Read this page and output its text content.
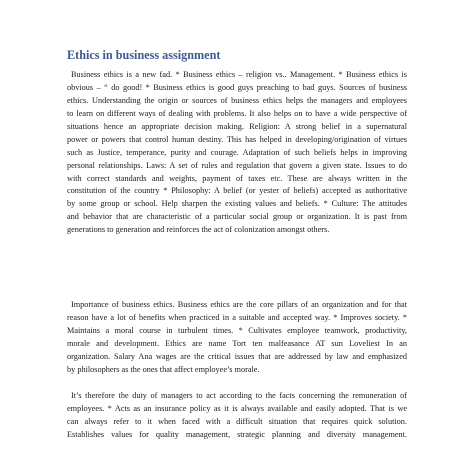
Ethics in business assignment
Business ethics is a new fad. * Business ethics – religion vs.. Management. * Business ethics is
obvious – “ do good! * Business ethics is good guys preaching to bad guys. Sources of business
ethics. Understanding the origin or sources of business ethics helps the managers and employees
to learn on different ways of dealing with problems. It also helps on to have a wide perspective of
situations hence an appropriate decision making. Religion: A strong belief in a supernatural
power or powers that control human destiny. This has helped in developing/origination of virtues
such as Justice, temperance, purity and courage. Adaptation of such beliefs helps in improving
personal relationships. Laws: A set of rules and regulation that govern a given state. Issues to do
with correct standards and weights, payment of taxes etc. These are always written in the
constitution of the country * Philosophy: A belief (or yester of beliefs) accepted as authoritative
by some group or school. Help sharpen the existing values and beliefs. * Culture: The attitudes
and behavior that are characteristic of a particular social group or organization. It is past from
generations to generation and reinforces the act of colonization amongst others.
Importance of business ethics. Business ethics are the core pillars of an organization and for that
reason have a lot of benefits when practiced in a suitable and accepted way. * Improves society. *
Maintains a moral course in turbulent times. * Cultivates employee teamwork, productivity,
morale and development. Ethics are name Tort ten malfeasance AT sun Loveliest In an
organization. Salary Ana wages are the critical issues that are addressed by law and emphasized
by philosophers as the ones that affect employee’s morale.
It’s therefore the duty of managers to act according to the facts concerning the remuneration of
employees. * Acts as an insurance policy as it is always available and easily adopted. That is we
can always refer to it when faced with a difficult situation that requires quick solution.
Establishes values for quality management, strategic planning and diversity management.
